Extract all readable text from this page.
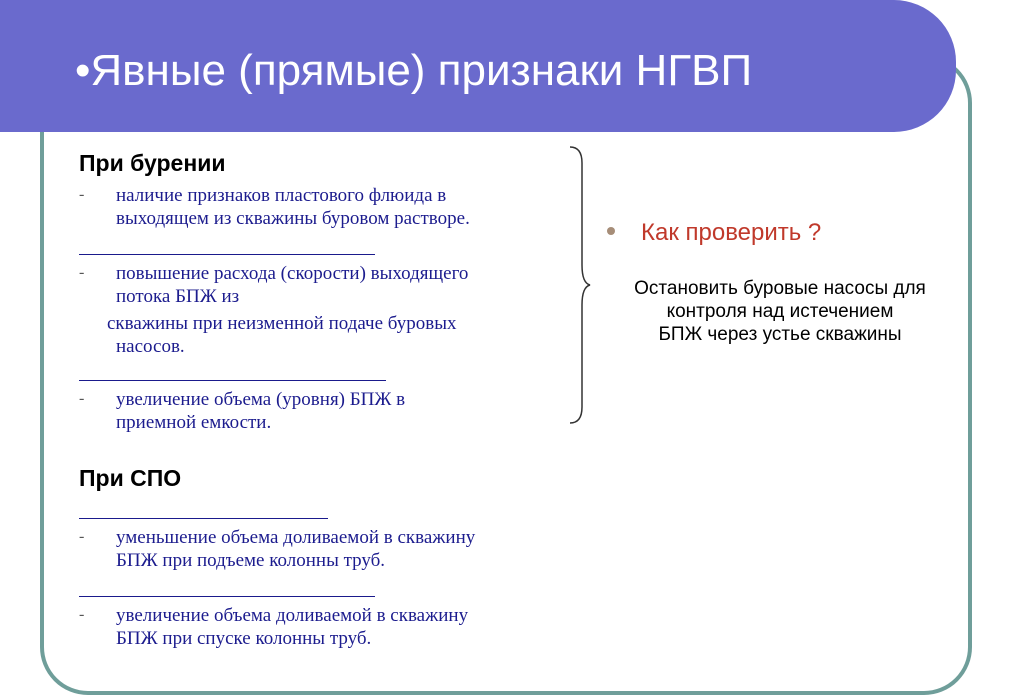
•Явные (прямые) признаки НГВП
При бурении
- наличие признаков пластового флюида в
выходящем из скважины буровом растворе.
- повышение расхода (скорости) выходящего
потока БПЖ из
скважины при неизменной подаче буровых
насосов.
- увеличение объема (уровня) БПЖ в
приемной емкости.
При СПО
- уменьшение объема доливаемой в скважину
БПЖ при подъеме колонны труб.
- увеличение объема доливаемой в скважину
БПЖ при спуске колонны труб.
Как проверить ?
Остановить буровые насосы для
контроля над истечением
БПЖ через устье скважины
